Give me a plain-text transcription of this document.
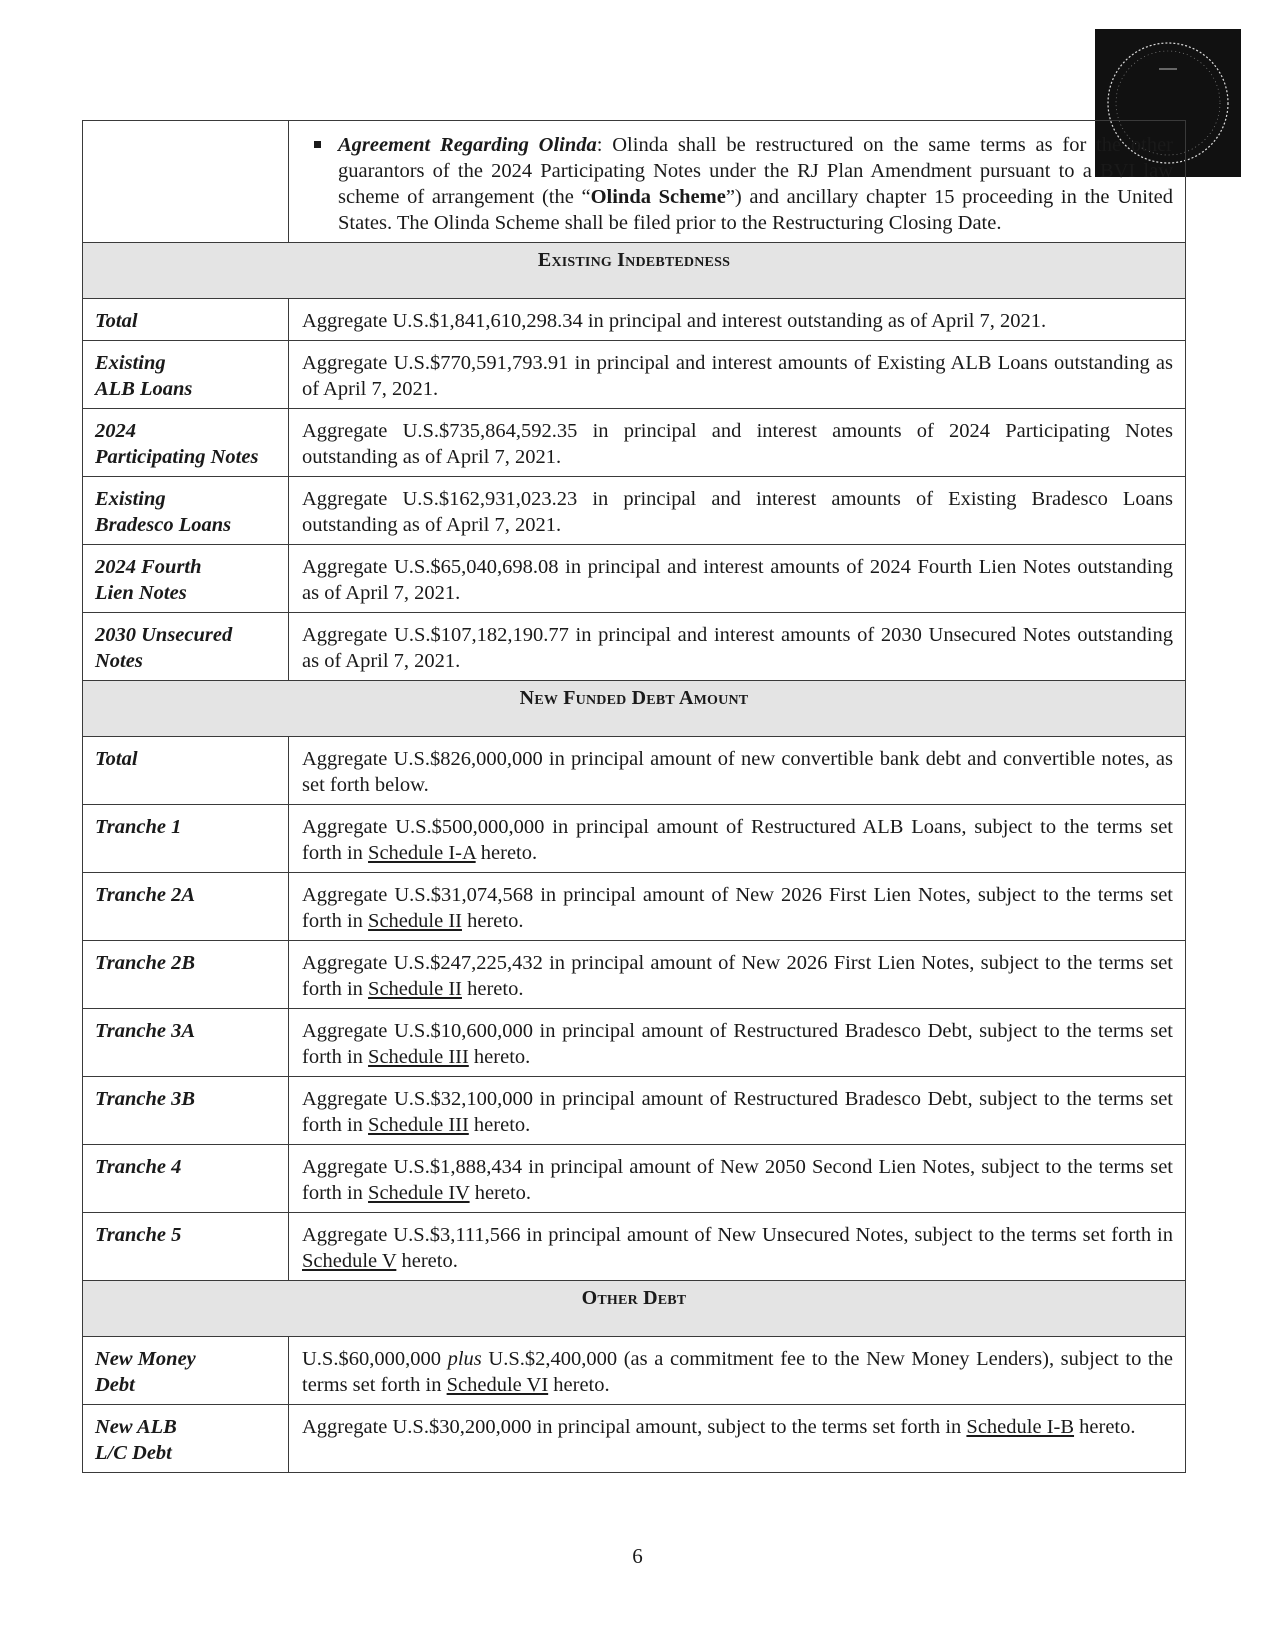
Agreement Regarding Olinda: Olinda shall be restructured on the same terms as for the other guarantors of the 2024 Participating Notes under the RJ Plan Amendment pursuant to a BVI law scheme of arrangement (the “Olinda Scheme”) and ancillary chapter 15 proceeding in the United States. The Olinda Scheme shall be filed prior to the Restructuring Closing Date.

Existing Indebtedness	

Total	Aggregate U.S.$1,841,610,298.34 in principal and interest outstanding as of April 7, 2021.

Existing
ALB Loans	Aggregate U.S.$770,591,793.91 in principal and interest amounts of Existing ALB Loans outstanding as of April 7, 2021.

2024
Participating Notes	Aggregate U.S.$735,864,592.35 in principal and interest amounts of 2024 Participating Notes outstanding as of April 7, 2021.

Existing
Bradesco Loans	Aggregate U.S.$162,931,023.23 in principal and interest amounts of Existing Bradesco Loans outstanding as of April 7, 2021.

2024 Fourth
Lien Notes	Aggregate U.S.$65,040,698.08 in principal and interest amounts of 2024 Fourth Lien Notes outstanding as of April 7, 2021.

2030 Unsecured
Notes	Aggregate U.S.$107,182,190.77 in principal and interest amounts of 2030 Unsecured Notes outstanding as of April 7, 2021.
New Funded Debt Amount	
Total	Aggregate U.S.$826,000,000 in principal amount of new convertible bank debt and convertible notes, as set forth below.
Tranche 1	Aggregate U.S.$500,000,000 in principal amount of Restructured ALB Loans, subject to the terms set forth in Schedule I-A hereto.
Tranche 2A	Aggregate U.S.$31,074,568 in principal amount of New 2026 First Lien Notes, subject to the terms set forth in Schedule II hereto.
Tranche 2B	Aggregate U.S.$247,225,432 in principal amount of New 2026 First Lien Notes, subject to the terms set forth in Schedule II hereto.
Tranche 3A	Aggregate U.S.$10,600,000 in principal amount of Restructured Bradesco Debt, subject to the terms set forth in Schedule III hereto.
Tranche 3B	Aggregate U.S.$32,100,000 in principal amount of Restructured Bradesco Debt, subject to the terms set forth in Schedule III hereto.
Tranche 4	Aggregate U.S.$1,888,434 in principal amount of New 2050 Second Lien Notes, subject to the terms set forth in Schedule IV hereto.
Tranche 5	Aggregate U.S.$3,111,566 in principal amount of New Unsecured Notes, subject to the terms set forth in Schedule V hereto.
Other Debt	

New Money
Debt	U.S.$60,000,000 plus U.S.$2,400,000 (as a commitment fee to the New Money Lenders), subject to the terms set forth in Schedule VI hereto.

New ALB
L/C Debt	Aggregate U.S.$30,200,000 in principal amount, subject to the terms set forth in Schedule I-B hereto.
6
